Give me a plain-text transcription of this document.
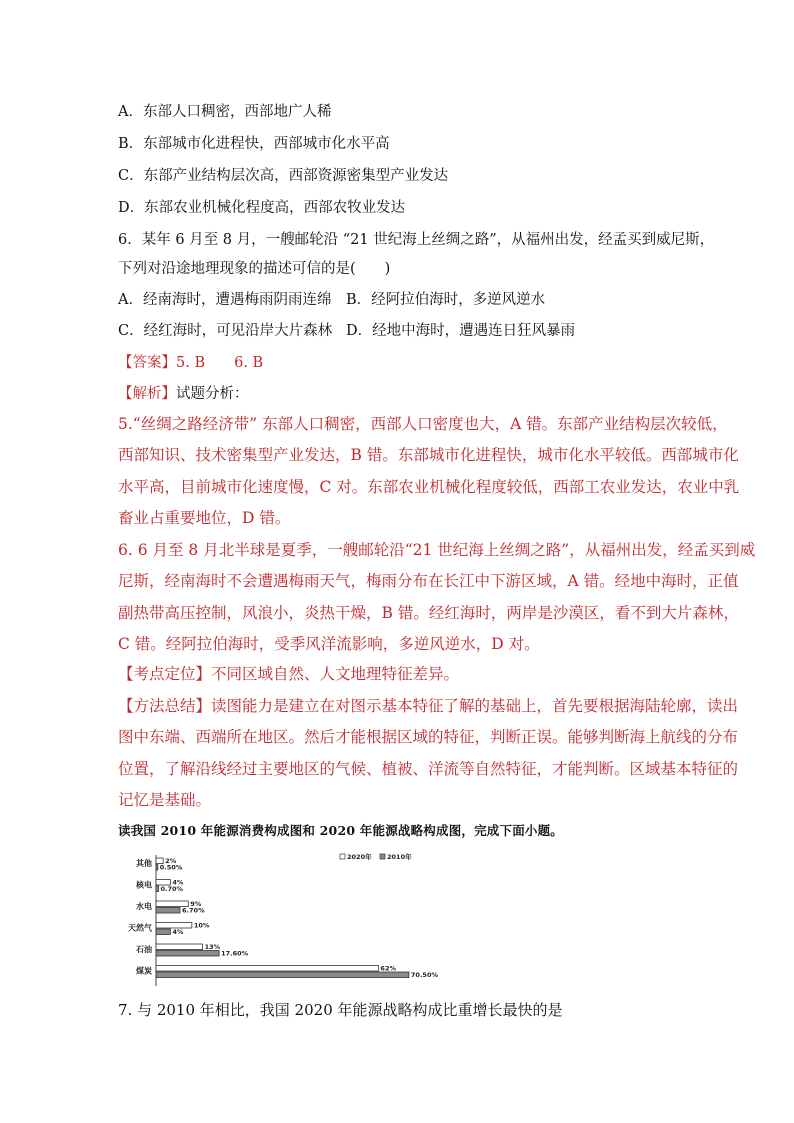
A．东部人口稠密，西部地广人稀
B．东部城市化进程快，西部城市化水平高
C．东部产业结构层次高，西部资源密集型产业发达
D．东部农业机械化程度高，西部农牧业发达
6．某年 6 月至 8 月，一艘邮轮沿 “21 世纪海上丝绸之路”，从福州出发，经孟买到威尼斯，
下列对沿途地理现象的描述可信的是(　　)
A．经南海时，遭遇梅雨阴雨连绵 B．经阿拉伯海时，多逆风逆水
C．经红海时，可见沿岸大片森林 D．经地中海时，遭遇连日狂风暴雨
【答案】5. B　　6. B
【解析】试题分析：
5.“丝绸之路经济带” 东部人口稠密，西部人口密度也大，A 错。东部产业结构层次较低，
西部知识、技术密集型产业发达，B 错。东部城市化进程快，城市化水平较低。西部城市化
水平高，目前城市化速度慢，C 对。东部农业机械化程度较低，西部工农业发达，农业中乳
畜业占重要地位，D 错。
6. 6 月至 8 月北半球是夏季，一艘邮轮沿“21 世纪海上丝绸之路”，从福州出发，经孟买到威
尼斯，经南海时不会遭遇梅雨天气，梅雨分布在长江中下游区域，A 错。经地中海时，正值
副热带高压控制，风浪小，炎热干燥，B 错。经红海时，两岸是沙漠区，看不到大片森林，
C 错。经阿拉伯海时，受季风洋流影响，多逆风逆水，D 对。
【考点定位】不同区域自然、人文地理特征差异。
【方法总结】读图能力是建立在对图示基本特征了解的基础上，首先要根据海陆轮廓，读出
图中东端、西端所在地区。然后才能根据区域的特征，判断正误。能够判断海上航线的分布
位置，了解沿线经过主要地区的气候、植被、洋流等自然特征，才能判断。区域基本特征的
记忆是基础。
读我国 2010 年能源消费构成图和 2020 年能源战略构成图，完成下面小题。
2020年 2010年
其他
核电
水电
天然气
石油
煤炭
2%
0.50%
4%
0.70%
9%
6.70%
10%
4%
13%
17.60%
62%
70.50%
7. 与 2010 年相比，我国 2020 年能源战略构成比重增长最快的是
